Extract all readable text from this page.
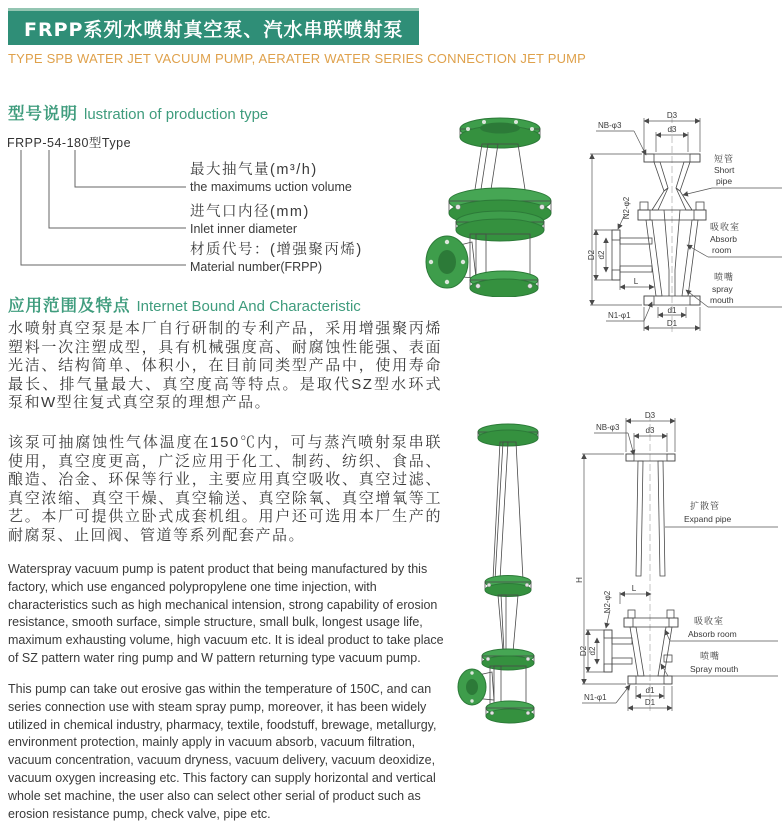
FRPP系列水喷射真空泵、汽水串联喷射泵
TYPE SPB WATER JET VACUUM PUMP, AERATER WATER SERIES CONNECTION JET PUMP
型号说明 lustration of production type
FRPP-54-180型Type
最大抽气量(m³/h)
the maximums uction volume
进气口内径(mm)
Inlet inner diameter
材质代号：(增强聚丙烯)
Material number(FRPP)
D3
d3
NB-φ3
N2-φ2
D2 d2
L
N1-φ1
d1
D1
短管
Short
pipe
吸收室
Absorb
room
喷嘴
spray
mouth
应用范围及特点 Internet Bound And Characteristic
水喷射真空泵是本厂自行研制的专利产品，采用增强聚丙烯塑料一次注塑成型，具有机械强度高、耐腐蚀性能强、表面光洁、结构简单、体积小，在目前同类型产品中，使用寿命最长、排气量最大、真空度高等特点。是取代SZ型水环式泵和W型往复式真空泵的理想产品。
该泵可抽腐蚀性气体温度在150℃内，可与蒸汽喷射泵串联使用，真空度更高，广泛应用于化工、制药、纺织、食品、酿造、冶金、环保等行业，主要应用真空吸收、真空过滤、真空浓缩、真空干燥、真空输送、真空除氧、真空增氧等工艺。本厂可提供立卧式成套机组。用户还可选用本厂生产的耐腐泵、止回阀、管道等系列配套产品。
Waterspray vacuum pump is patent product that being manufactured by this factory, which use enganced polypropylene one time injection, with characteristics such as high mechanical intension, strong capability of erosion resistance, smooth surface, simple structure, small bulk, longest usage life, maximum exhausting volume, high vacuum etc. It is ideal product to take place of SZ pattern water ring pump and W pattern returning type vacuum pump.
This pump can take out erosive gas within the temperature of 150C, and can series connection use with steam spray pump, moreover, it has been widely utilized in chemical industry, pharmacy, textile, foodstuff, brewage, metallurgy, environment protection, mainly apply in vacuum absorb, vacuum filtration, vacuum concentration, vacuum dryness, vacuum delivery, vacuum deoxidize, vacuum oxygen increasing etc. This factory can supply horizontal and vertical whole set machine, the user also can select other serial of product such as erosion resistance pump, check valve, pipe etc.
D3
d3
NB-φ3
扩散管
Expand pipe
H
L
N2-φ2
D2 d2
吸收室
Absorb room
喷嘴
Spray mouth
N1-φ1
d1
D1
